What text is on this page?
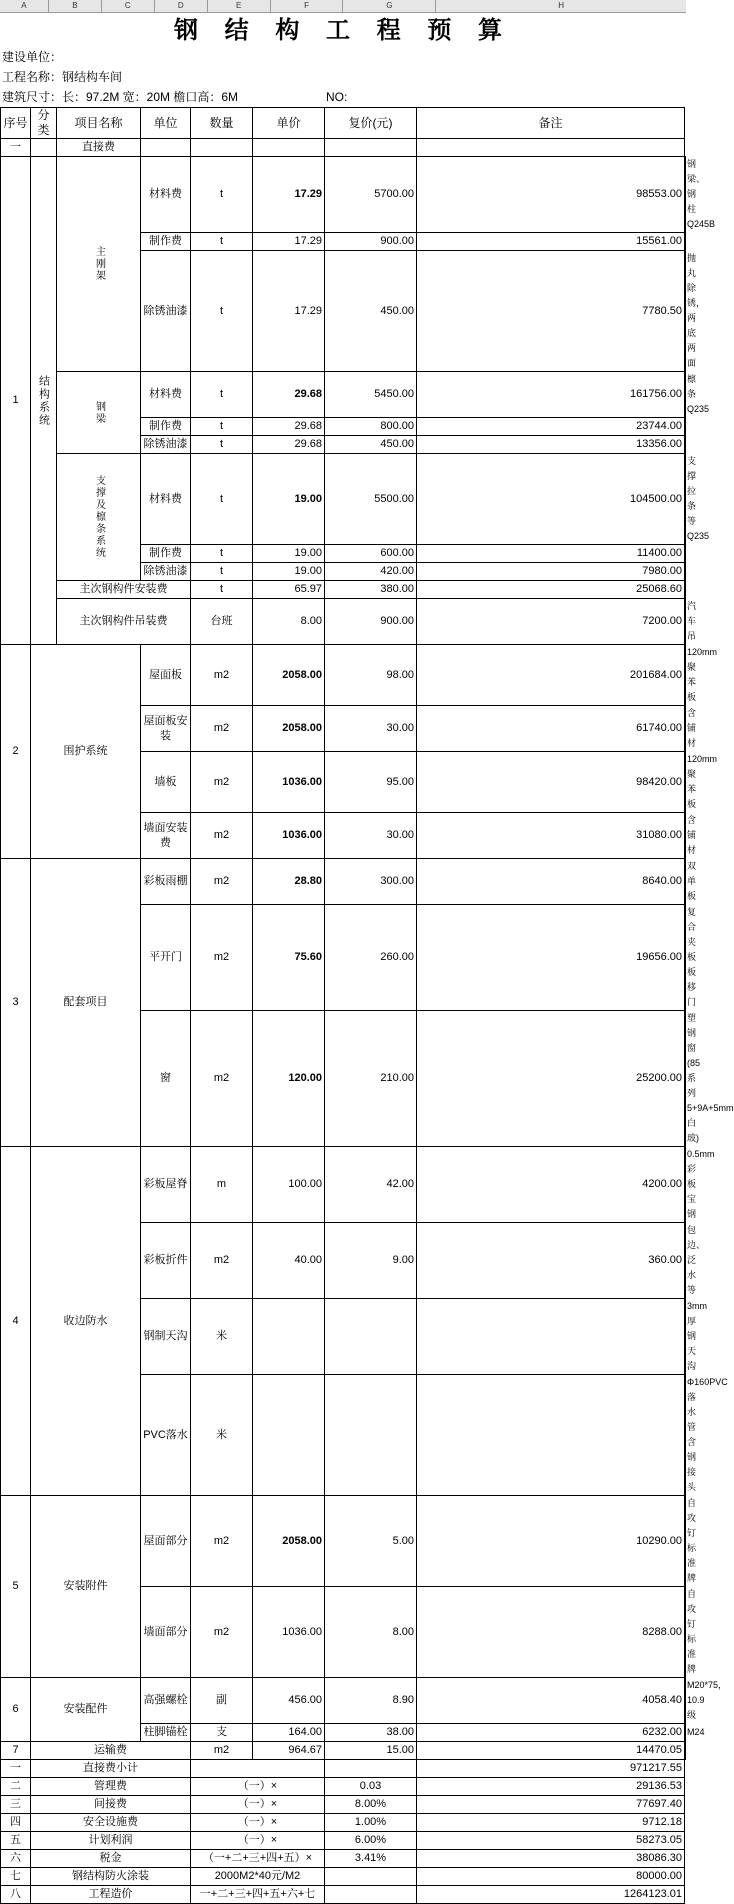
A	B	C	D	E	F	G	H
钢 结 构 工 程 预 算		
建设单位：		
工程名称：钢结构车间		
建筑尺寸：长：97.2M 宽：20M 檐口高：6M		NO:
序号	分类	项目名称	单位	数量	单价	复价(元)	备注	
一		直接费						
1	结构系统	主刚架	材料费	t	17.29	5700.00	98553.00	钢梁、钢柱 Q245B
			制作费	t	17.29	900.00	15561.00	
			除锈油漆	t	17.29	450.00	7780.50	抛丸除锈，两底两面
		钢梁	材料费	t	29.68	5450.00	161756.00	檩条Q235
			制作费	t	29.68	800.00	23744.00	
			除锈油漆	t	29.68	450.00	13356.00	
		支撑及檩条系统	材料费	t	19.00	5500.00	104500.00	支撑拉条等Q235
			制作费	t	19.00	600.00	11400.00	
			除锈油漆	t	19.00	420.00	7980.00	
		主次钢构件安装费		t	65.97	380.00	25068.60	
		主次钢构件吊装费		台班	8.00	900.00	7200.00	汽车吊
2	围护系统		屋面板	m2	2058.00	98.00	201684.00	120mm 聚苯板
			屋面板安装	m2	2058.00	30.00	61740.00	含铺材
			墙板	m2	1036.00	95.00	98420.00	120mm 聚苯板
			墙面安装费	m2	1036.00	30.00	31080.00	含铺材
3	配套项目		彩板雨棚	m2	28.80	300.00	8640.00	双单板
			平开门	m2	75.60	260.00	19656.00	复合夹板板移门
			窗	m2	120.00	210.00	25200.00	塑钢窗(85系列 5+9A+5mm白玻)
4	收边防水		彩板屋脊	m	100.00	42.00	4200.00	0.5mm彩板 宝钢
			彩板折件	m2	40.00	9.00	360.00	包边、泛水等
			钢制天沟	米				3mm厚钢天沟
			PVC落水	米				Φ160PVC落水管含钢接头
5	安装附件		屋面部分	m2	2058.00	5.00	10290.00	自攻钉 标准牌
			墙面部分	m2	1036.00	8.00	8288.00	自攻钉 标准牌
6	安装配件		高强螺栓	副	456.00	8.90	4058.40	M20*75，10.9级
			柱脚锚栓	支	164.00	38.00	6232.00	M24
7	运输费			m2	964.67	15.00	14470.05	
一	直接费小计						971217.55	
二	管理费			（一）×		0.03	29136.53	
三	间接费			（一）×		8.00%	77697.40	
四	安全设施费			（一）×		1.00%	9712.18	
五	计划利润			（一）×		6.00%	58273.05	
六	税金			（一+二+三+四+五）×		3.41%	38086.30	
七	钢结构防火涂装			2000M2*40元/M2			80000.00	
八	工程造价			一+二+三+四+五+六+七			1264123.01	
